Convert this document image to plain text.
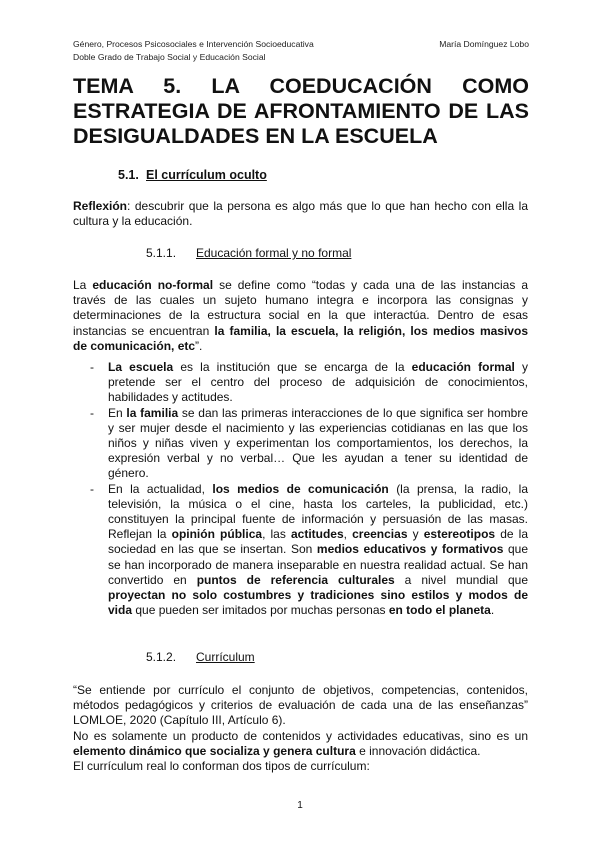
Género, Procesos Psicosociales e Intervención Socioeducativa
Doble Grado de Trabajo Social y Educación Social
María Domínguez Lobo
TEMA 5. LA COEDUCACIÓN COMO
ESTRATEGIA DE AFRONTAMIENTO DE LAS
DESIGUALDADES EN LA ESCUELA
5.1. El currículum oculto
Reflexión: descubrir que la persona es algo más que lo que han hecho con ella la
cultura y la educación.
5.1.1. Educación formal y no formal
La educación no-formal se define como “todas y cada una de las instancias a
través de las cuales un sujeto humano integra e incorpora las consignas y
determinaciones de la estructura social en la que interactúa. Dentro de esas
instancias se encuentran la familia, la escuela, la religión, los medios masivos
de comunicación, etc”.
- La escuela es la institución que se encarga de la educación formal y
pretende ser el centro del proceso de adquisición de conocimientos,
habilidades y actitudes.
- En la familia se dan las primeras interacciones de lo que significa ser hombre
y ser mujer desde el nacimiento y las experiencias cotidianas en las que los
niños y niñas viven y experimentan los comportamientos, los derechos, la
expresión verbal y no verbal… Que les ayudan a tener su identidad de
género.
- En la actualidad, los medios de comunicación (la prensa, la radio, la
televisión, la música o el cine, hasta los carteles, la publicidad, etc.)
constituyen la principal fuente de información y persuasión de las masas.
Reflejan la opinión pública, las actitudes, creencias y estereotipos de la
sociedad en las que se insertan. Son medios educativos y formativos que
se han incorporado de manera inseparable en nuestra realidad actual. Se han
convertido en puntos de referencia culturales a nivel mundial que
proyectan no solo costumbres y tradiciones sino estilos y modos de
vida que pueden ser imitados por muchas personas en todo el planeta.
5.1.2. Currículum
“Se entiende por currículo el conjunto de objetivos, competencias, contenidos,
métodos pedagógicos y criterios de evaluación de cada una de las enseñanzas”
LOMLOE, 2020 (Capítulo III, Artículo 6).
No es solamente un producto de contenidos y actividades educativas, sino es un
elemento dinámico que socializa y genera cultura e innovación didáctica.
El currículum real lo conforman dos tipos de currículum:
1
